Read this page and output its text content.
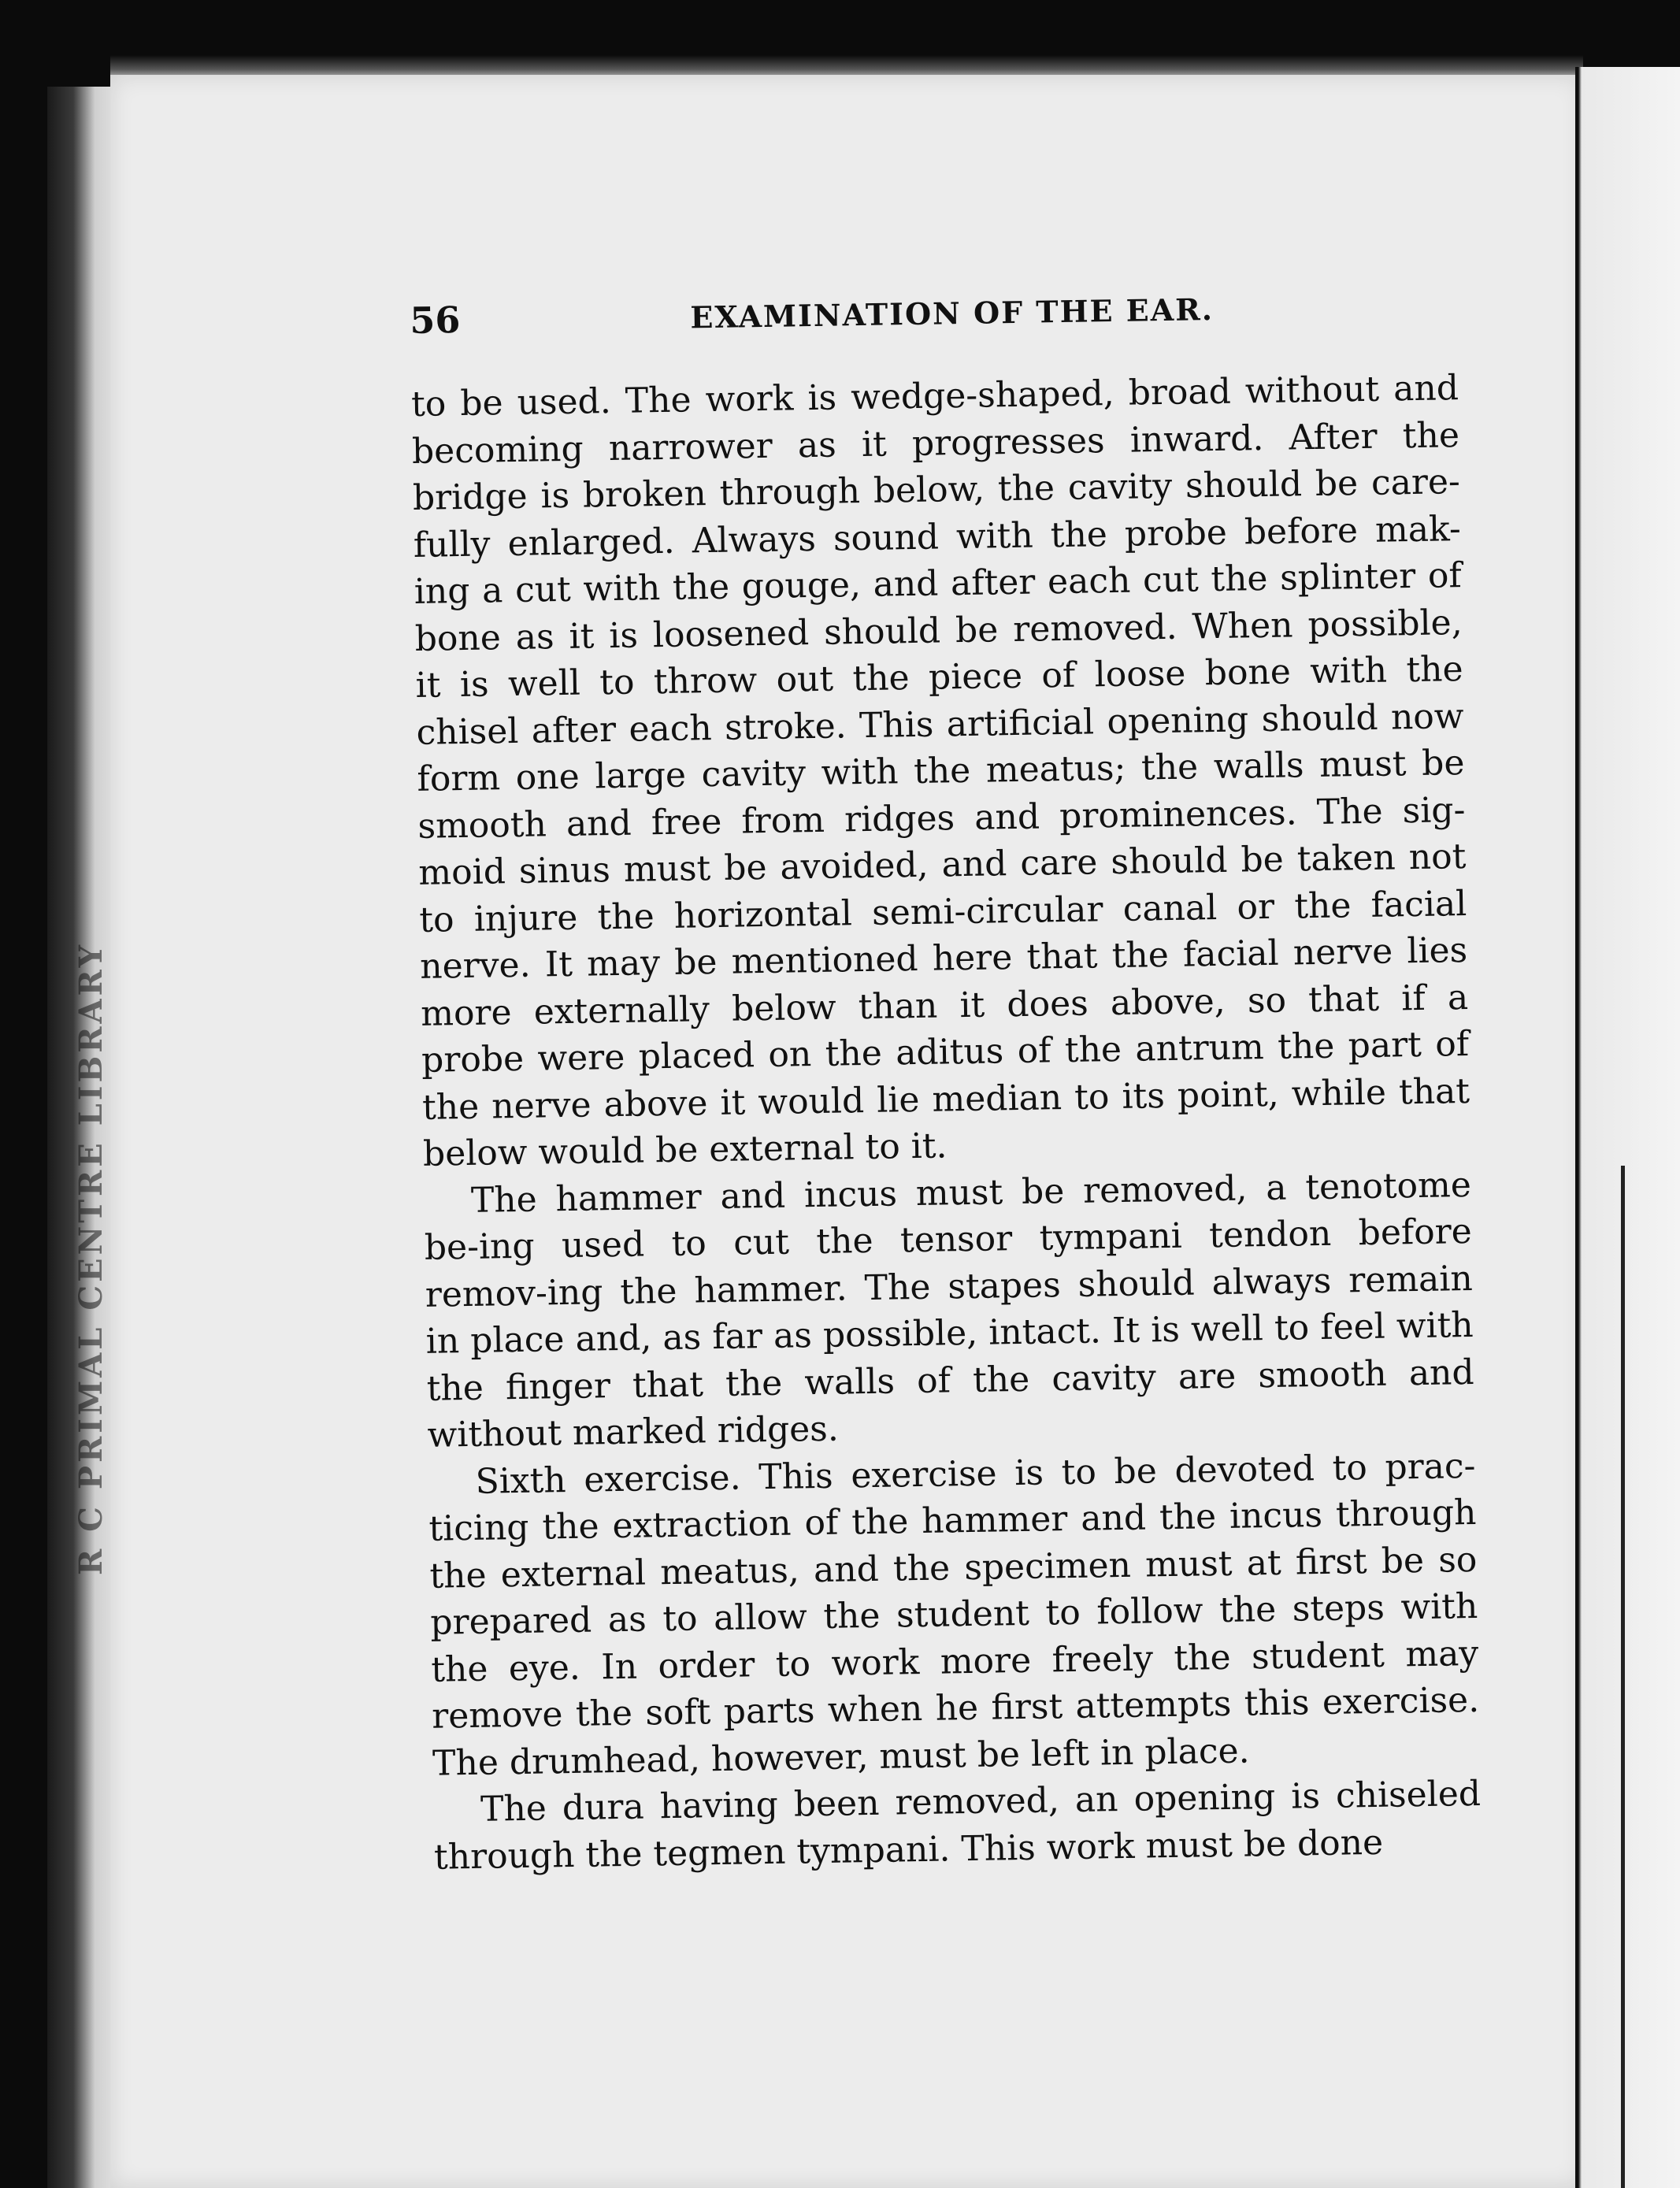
R C PRIMAL CENTRE LIBRARY
56	EXAMINATION OF THE EAR.

to be used. The work is wedge-shaped, broad without and becoming narrower as it progresses inward. After the bridge is broken through below, the cavity should be care-fully enlarged. Always sound with the probe before mak-ing a cut with the gouge, and after each cut the splinter of bone as it is loosened should be removed. When possible, it is well to throw out the piece of loose bone with the chisel after each stroke. This artificial opening should now form one large cavity with the meatus; the walls must be smooth and free from ridges and prominences. The sig-moid sinus must be avoided, and care should be taken not to injure the horizontal semi-circular canal or the facial nerve. It may be mentioned here that the facial nerve lies more externally below than it does above, so that if a probe were placed on the aditus of the antrum the part of the nerve above it would lie median to its point, while that below would be external to it.

The hammer and incus must be removed, a tenotome be-ing used to cut the tensor tympani tendon before remov-ing the hammer. The stapes should always remain in place and, as far as possible, intact. It is well to feel with the finger that the walls of the cavity are smooth and without marked ridges.

Sixth exercise. This exercise is to be devoted to prac-ticing the extraction of the hammer and the incus through the external meatus, and the specimen must at first be so prepared as to allow the student to follow the steps with the eye. In order to work more freely the student may remove the soft parts when he first attempts this exercise. The drumhead, however, must be left in place.

The dura having been removed, an opening is chiseled through the tegmen tympani. This work must be done
